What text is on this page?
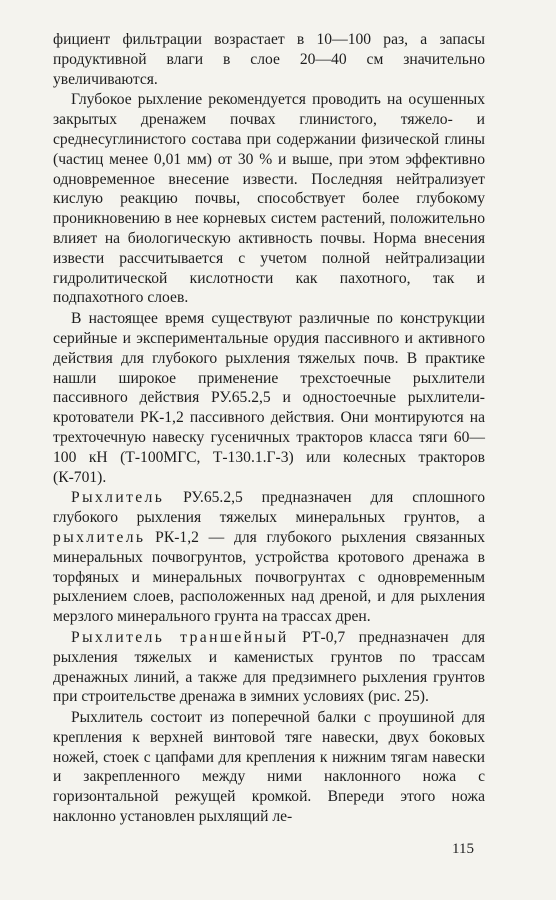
фициент фильтрации возрастает в 10—100 раз, а запасы продуктивной влаги в слое 20—40 см значительно увеличиваются.

Глубокое рыхление рекомендуется проводить на осушенных закрытых дренажем почвах глинистого, тяжело- и среднесуглинистого состава при содержании физической глины (частиц менее 0,01 мм) от 30 % и выше, при этом эффективно одновременное внесение извести. Последняя нейтрализует кислую реакцию почвы, способствует более глубокому проникновению в нее корневых систем растений, положительно влияет на биологическую активность почвы. Норма внесения извести рассчитывается с учетом полной нейтрализации гидролитической кислотности как пахотного, так и подпахотного слоев.

В настоящее время существуют различные по конструкции серийные и экспериментальные орудия пассивного и активного действия для глубокого рыхления тяжелых почв. В практике нашли широкое применение трехстоечные рыхлители пассивного действия РУ.65.2,5 и одностоечные рыхлители-кротователи РК-1,2 пассивного действия. Они монтируются на трехточечную навеску гусеничных тракторов класса тяги 60—100 кН (Т-100МГС, Т-130.1.Г-3) или колесных тракторов (К-701).

Рыхлитель РУ.65.2,5 предназначен для сплошного глубокого рыхления тяжелых минеральных грунтов, а рыхлитель РК-1,2 — для глубокого рыхления связанных минеральных почвогрунтов, устройства кротового дренажа в торфяных и минеральных почвогрунтах с одновременным рыхлением слоев, расположенных над дреной, и для рыхления мерзлого минерального грунта на трассах дрен.

Рыхлитель траншейный РТ-0,7 предназначен для рыхления тяжелых и каменистых грунтов по трассам дренажных линий, а также для предзимнего рыхления грунтов при строительстве дренажа в зимних условиях (рис. 25).

Рыхлитель состоит из поперечной балки с проушиной для крепления к верхней винтовой тяге навески, двух боковых ножей, стоек с цапфами для крепления к нижним тягам навески и закрепленного между ними наклонного ножа с горизонтальной режущей кромкой. Впереди этого ножа наклонно установлен рыхлящий ле-

115
